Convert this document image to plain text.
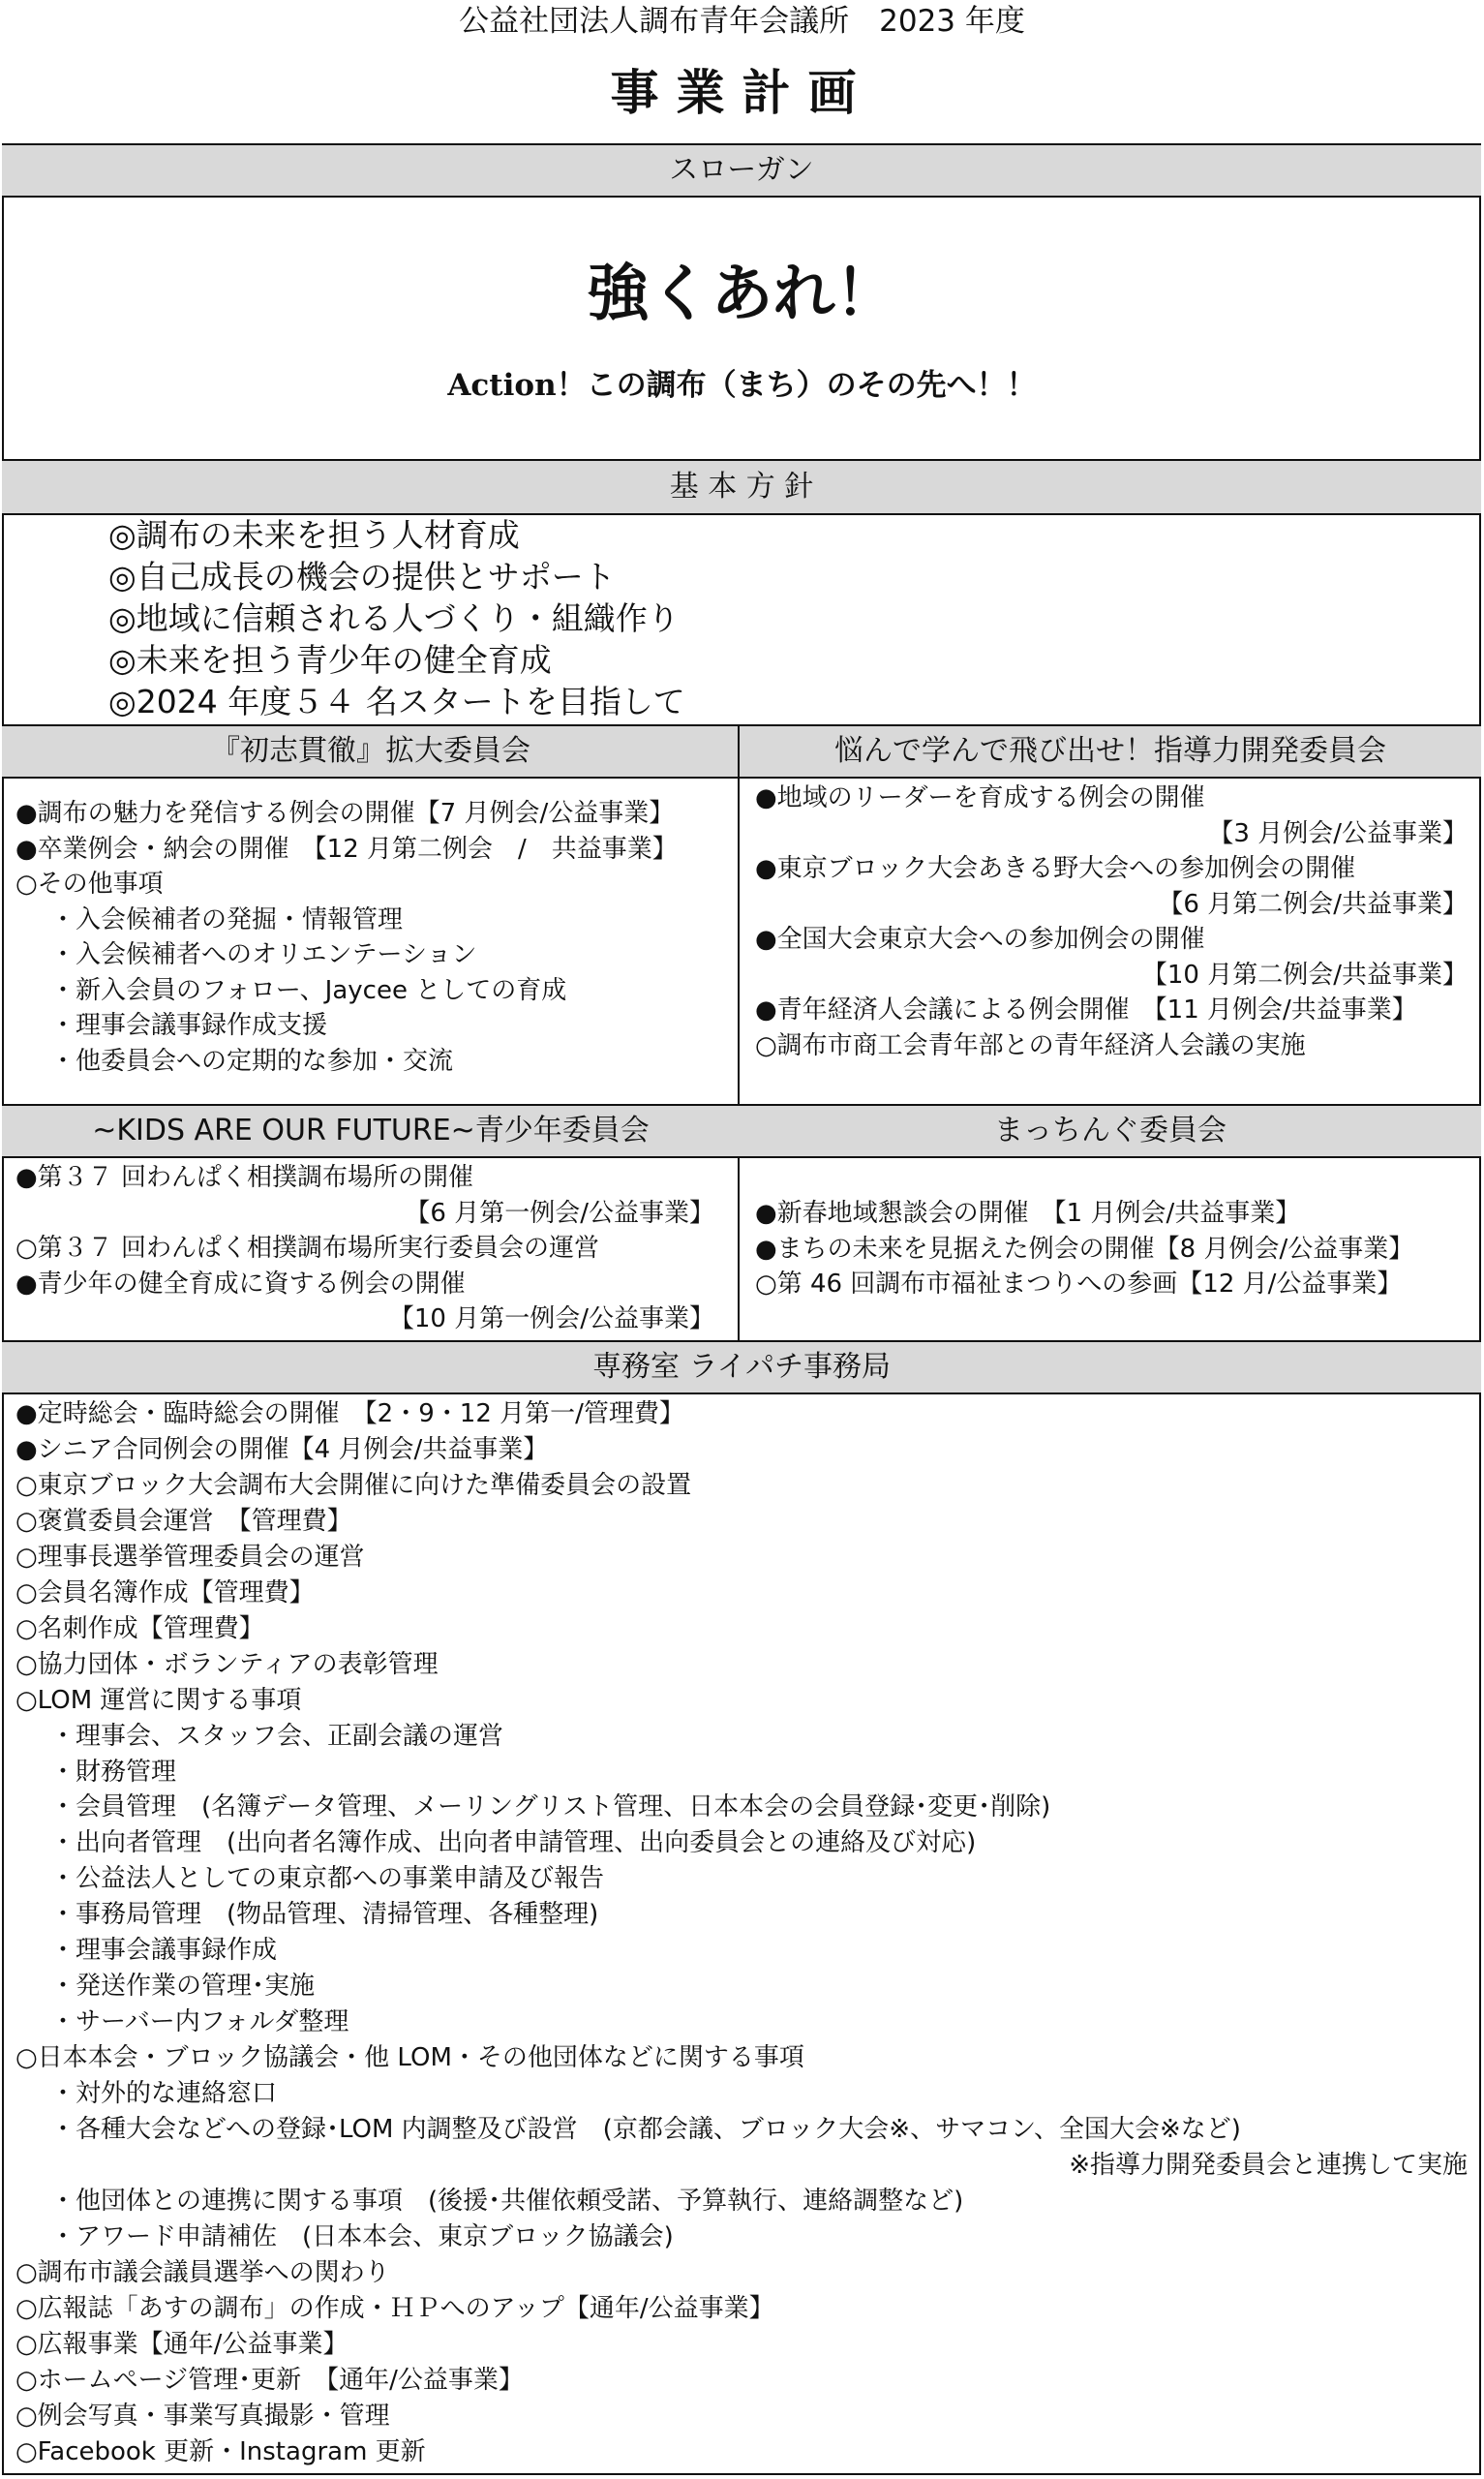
公益社団法人調布青年会議所　2023 年度
事業計画
スローガン
強くあれ！
Action！この調布（まち）のその先へ！！
基 本 方 針
◎調布の未来を担う人材育成
◎自己成長の機会の提供とサポート
◎地域に信頼される人づくり・組織作り
◎未来を担う青少年の健全育成
◎2024 年度５４ 名スタートを目指して
『初志貫徹』拡大委員会	悩んで学んで飛び出せ！指導力開発委員会
●調布の魅力を発信する例会の開催【7 月例会/公益事業】
●卒業例会・納会の開催　【12 月第二例会　/　共益事業】
○その他事項
・入会候補者の発掘・情報管理
・入会候補者へのオリエンテーション
・新入会員のフォロー、Jaycee としての育成
・理事会議事録作成支援
・他委員会への定期的な参加・交流
●地域のリーダーを育成する例会の開催
【3 月例会/公益事業】
●東京ブロック大会あきる野大会への参加例会の開催
【6 月第二例会/共益事業】
●全国大会東京大会への参加例会の開催
【10 月第二例会/共益事業】
●青年経済人会議による例会開催　【11 月例会/共益事業】
○調布市商工会青年部との青年経済人会議の実施
~KIDS ARE OUR FUTURE~青少年委員会	まっちんぐ委員会
●第３７ 回わんぱく相撲調布場所の開催
【6 月第一例会/公益事業】
○第３７ 回わんぱく相撲調布場所実行委員会の運営
●青少年の健全育成に資する例会の開催
【10 月第一例会/公益事業】
●新春地域懇談会の開催　【1 月例会/共益事業】
●まちの未来を見据えた例会の開催【8 月例会/公益事業】
○第 46 回調布市福祉まつりへの参画【12 月/公益事業】
専務室 ライパチ事務局
●定時総会・臨時総会の開催　【2・9・12 月第一/管理費】
●シニア合同例会の開催【4 月例会/共益事業】
○東京ブロック大会調布大会開催に向けた準備委員会の設置
○褒賞委員会運営　【管理費】
○理事長選挙管理委員会の運営
○会員名簿作成【管理費】
○名刺作成【管理費】
○協力団体・ボランティアの表彰管理
○LOM 運営に関する事項
・理事会、スタッフ会、正副会議の運営
・財務管理
・会員管理　(名簿データ管理、メーリングリスト管理、日本本会の会員登録･変更･削除)
・出向者管理　(出向者名簿作成、出向者申請管理、出向委員会との連絡及び対応)
・公益法人としての東京都への事業申請及び報告
・事務局管理　(物品管理、清掃管理、各種整理)
・理事会議事録作成
・発送作業の管理･実施
・サーバー内フォルダ整理
○日本本会・ブロック協議会・他 LOM・その他団体などに関する事項
・対外的な連絡窓口
・各種大会などへの登録･LOM 内調整及び設営　(京都会議、ブロック大会※、サマコン、全国大会※など)
※指導力開発委員会と連携して実施
・他団体との連携に関する事項　(後援･共催依頼受諾、予算執行、連絡調整など)
・アワード申請補佐　(日本本会、東京ブロック協議会)
○調布市議会議員選挙への関わり
○広報誌「あすの調布」の作成・ＨＰへのアップ【通年/公益事業】
○広報事業【通年/公益事業】
○ホームページ管理･更新　【通年/公益事業】
○例会写真・事業写真撮影・管理
○Facebook 更新・Instagram 更新
